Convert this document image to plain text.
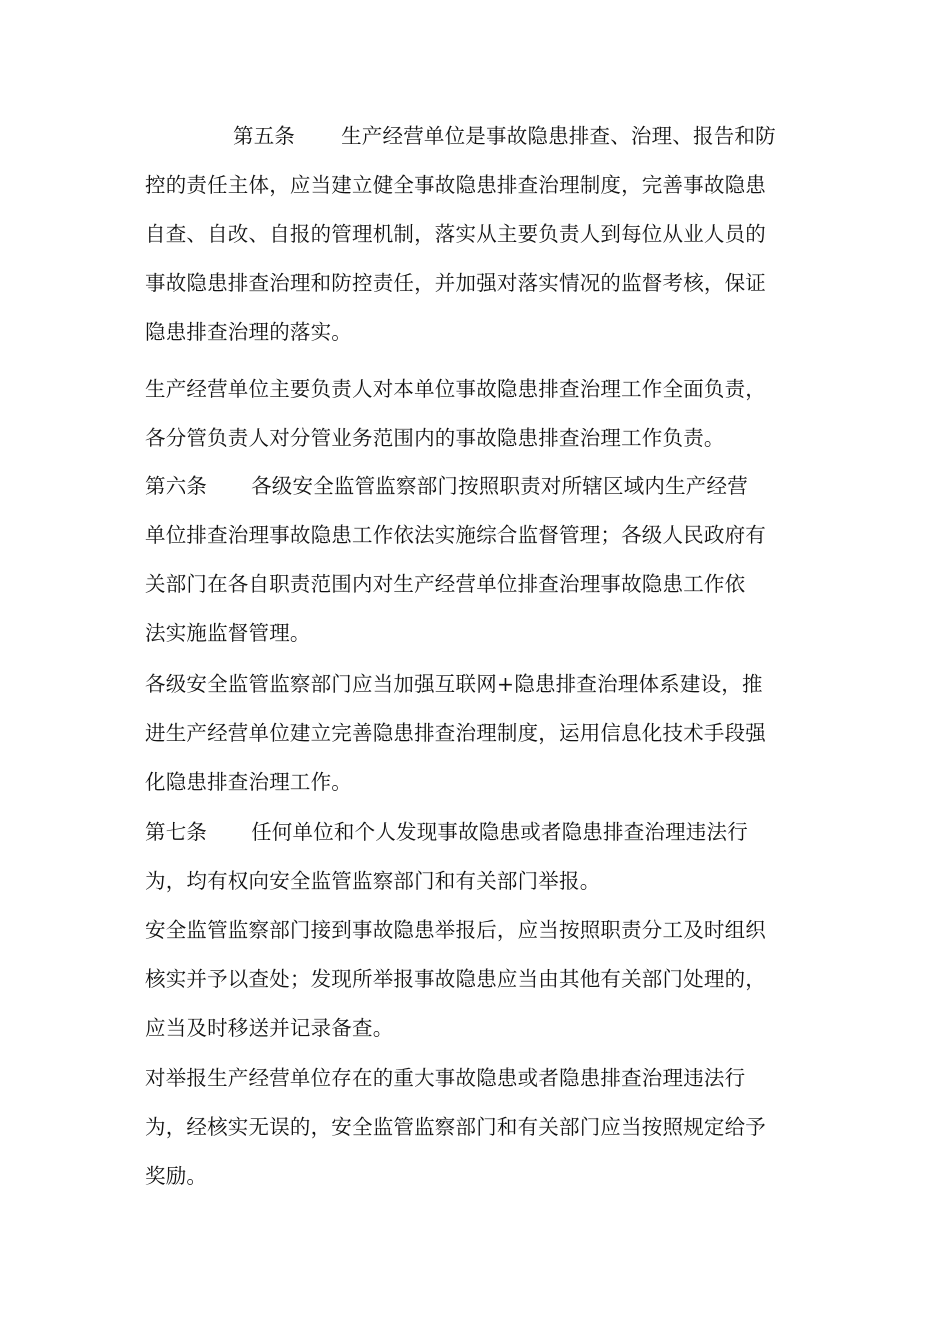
第五条 生产经营单位是事故隐患排查、治理、报告和防
控的责任主体，应当建立健全事故隐患排查治理制度，完善事故隐患
自查、自改、自报的管理机制，落实从主要负责人到每位从业人员的
事故隐患排查治理和防控责任，并加强对落实情况的监督考核，保证
隐患排查治理的落实。
生产经营单位主要负责人对本单位事故隐患排查治理工作全面负责，
各分管负责人对分管业务范围内的事故隐患排查治理工作负责。
第六条 各级安全监管监察部门按照职责对所辖区域内生产经营
单位排查治理事故隐患工作依法实施综合监督管理；各级人民政府有
关部门在各自职责范围内对生产经营单位排查治理事故隐患工作依
法实施监督管理。
各级安全监管监察部门应当加强互联网+隐患排查治理体系建设，推
进生产经营单位建立完善隐患排查治理制度，运用信息化技术手段强
化隐患排查治理工作。
第七条 任何单位和个人发现事故隐患或者隐患排查治理违法行
为，均有权向安全监管监察部门和有关部门举报。
安全监管监察部门接到事故隐患举报后，应当按照职责分工及时组织
核实并予以查处；发现所举报事故隐患应当由其他有关部门处理的，
应当及时移送并记录备查。
对举报生产经营单位存在的重大事故隐患或者隐患排查治理违法行
为，经核实无误的，安全监管监察部门和有关部门应当按照规定给予
奖励。
